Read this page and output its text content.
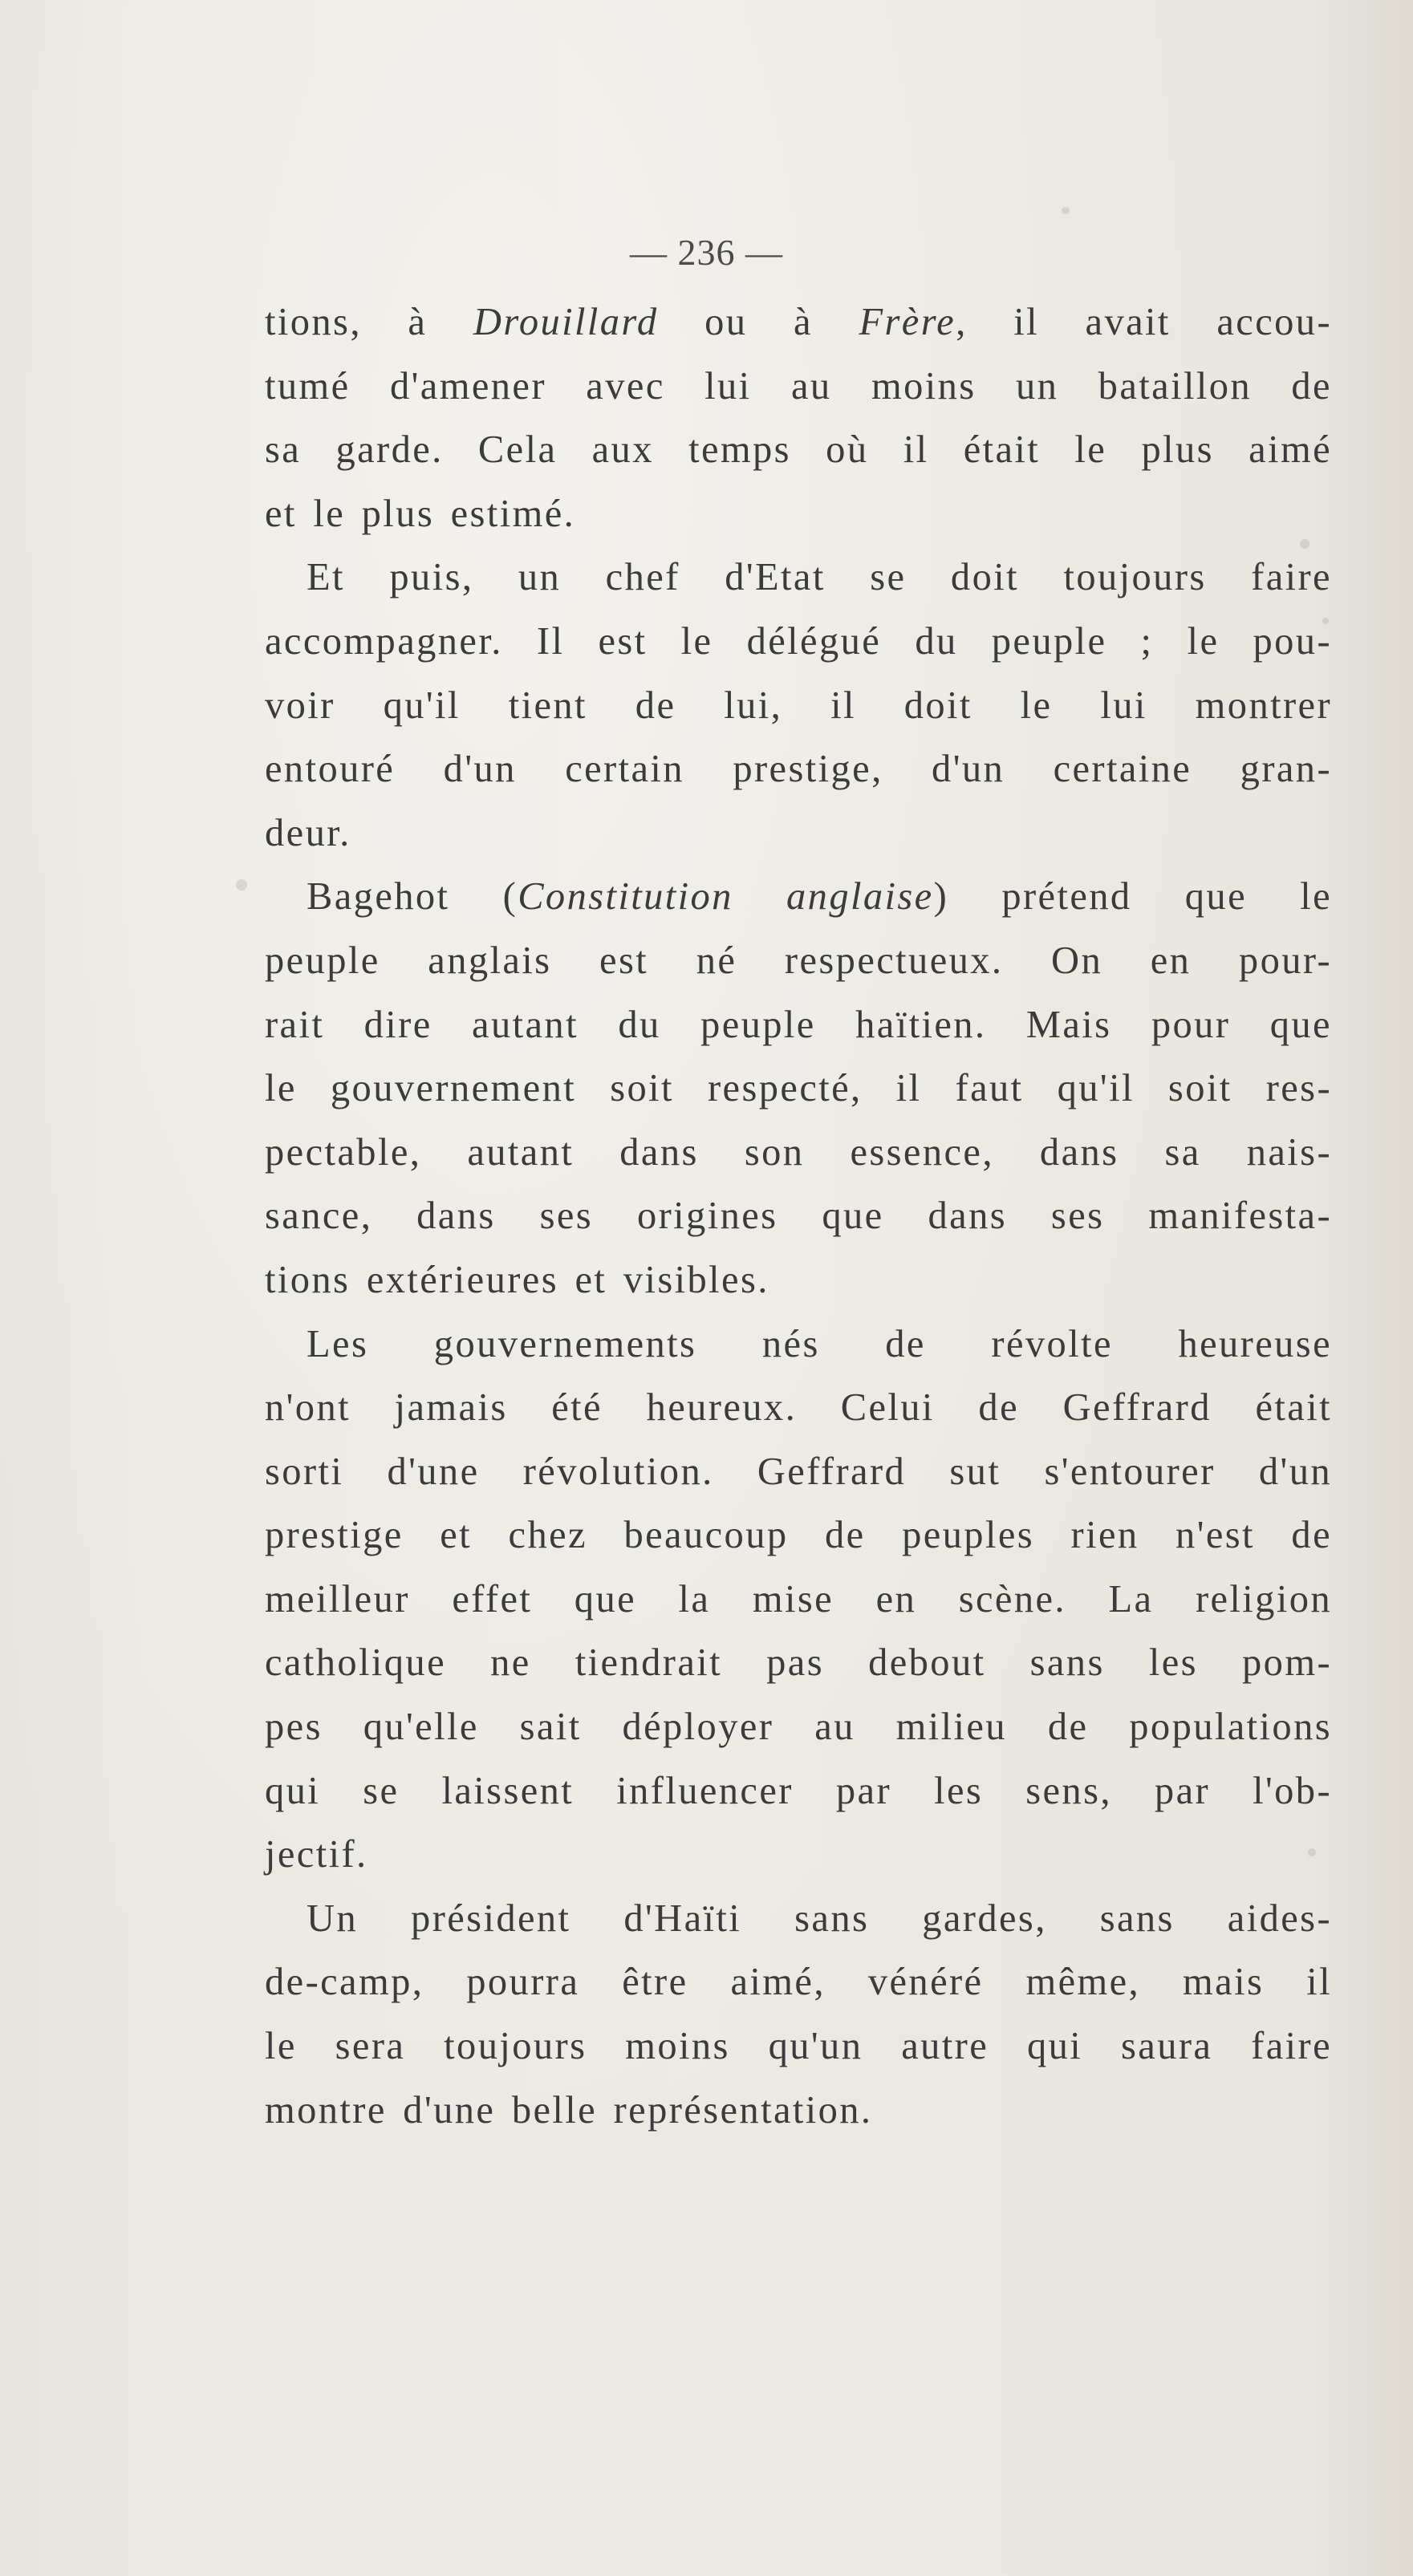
— 236 —

tions, à Drouillard ou à Frère, il avait accou-
tumé d'amener avec lui au moins un bataillon de
sa garde. Cela aux temps où il était le plus aimé
et le plus estimé.

Et puis, un chef d'Etat se doit toujours faire
accompagner. Il est le délégué du peuple ; le pou-
voir qu'il tient de lui, il doit le lui montrer
entouré d'un certain prestige, d'un certaine gran-
deur.

Bagehot (Constitution anglaise) prétend que le
peuple anglais est né respectueux. On en pour-
rait dire autant du peuple haïtien. Mais pour que
le gouvernement soit respecté, il faut qu'il soit res-
pectable, autant dans son essence, dans sa nais-
sance, dans ses origines que dans ses manifesta-
tions extérieures et visibles.

Les gouvernements nés de révolte heureuse
n'ont jamais été heureux. Celui de Geffrard était
sorti d'une révolution. Geffrard sut s'entourer d'un
prestige et chez beaucoup de peuples rien n'est de
meilleur effet que la mise en scène. La religion
catholique ne tiendrait pas debout sans les pom-
pes qu'elle sait déployer au milieu de populations
qui se laissent influencer par les sens, par l'ob-
jectif.

Un président d'Haïti sans gardes, sans aides-
de-camp, pourra être aimé, vénéré même, mais il
le sera toujours moins qu'un autre qui saura faire
montre d'une belle représentation.
